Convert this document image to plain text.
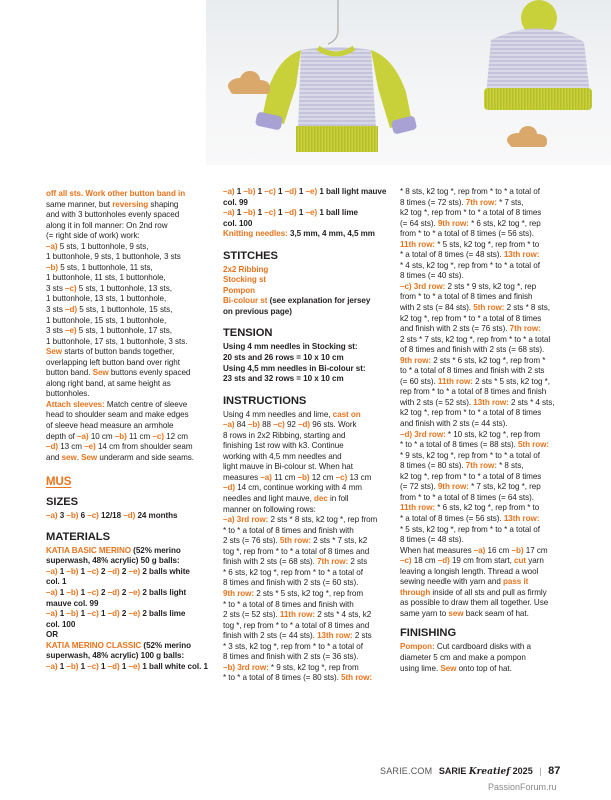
off all sts. Work other button band in

same manner, but reversing shaping

and with 3 buttonholes evenly spaced

along it in foll manner: On 2nd row

(= right side of work) work:

–a) 5 sts, 1 buttonhole, 9 sts,

1 buttonhole, 9 sts, 1 buttonhole, 3 sts

–b) 5 sts, 1 buttonhole, 11 sts,

1 buttonhole, 11 sts, 1 buttonhole,

3 sts –c) 5 sts, 1 buttonhole, 13 sts,

1 buttonhole, 13 sts, 1 buttonhole,

3 sts –d) 5 sts, 1 buttonhole, 15 sts,

1 buttonhole, 15 sts, 1 buttonhole,

3 sts –e) 5 sts, 1 buttonhole, 17 sts,

1 buttonhole, 17 sts, 1 buttonhole, 3 sts.

Sew starts of button bands together,

overlapping left button band over right

button band. Sew buttons evenly spaced

along right band, at same height as

buttonholes.

Attach sleeves: Match centre of sleeve

head to shoulder seam and make edges

of sleeve head measure an armhole

depth of –a) 10 cm –b) 11 cm –c) 12 cm

–d) 13 cm –e) 14 cm from shoulder seam

and sew. Sew underarm and side seams.

MUS
SIZES

–a) 3 –b) 6 –c) 12/18 –d) 24 months

MATERIALS

KATIA BASIC MERINO (52% merino

superwash, 48% acrylic) 50 g balls:

–a) 1 –b) 1 –c) 2 –d) 2 –e) 2 balls white

col. 1

–a) 1 –b) 1 –c) 2 –d) 2 –e) 2 balls light

mauve col. 99

–a) 1 –b) 1 –c) 1 –d) 2 –e) 2 balls lime

col. 100

OR

KATIA MERINO CLASSIC (52% merino

superwash, 48% acrylic) 100 g balls:

–a) 1 –b) 1 –c) 1 –d) 1 –e) 1 ball white col. 1

–a) 1 –b) 1 –c) 1 –d) 1 –e) 1 ball light mauve

col. 99

–a) 1 –b) 1 –c) 1 –d) 1 –e) 1 ball lime

col. 100

Knitting needles: 3,5 mm, 4 mm, 4,5 mm

STITCHES

2x2 Ribbing

Stocking st

Pompon

Bi-colour st (see explanation for jersey

on previous page)

TENSION

Using 4 mm needles in Stocking st:

20 sts and 26 rows = 10 x 10 cm

Using 4,5 mm needles in Bi-colour st:

23 sts and 32 rows = 10 x 10 cm

INSTRUCTIONS

Using 4 mm needles and lime, cast on

–a) 84 –b) 88 –c) 92 –d) 96 sts. Work

8 rows in 2x2 Ribbing, starting and

finishing 1st row with k3. Continue

working with 4,5 mm needles and

light mauve in Bi-colour st. When hat

measures –a) 11 cm –b) 12 cm –c) 13 cm

–d) 14 cm, continue working with 4 mm

needles and light mauve, dec in foll

manner on following rows:

–a) 3rd row: 2 sts * 8 sts, k2 tog *, rep from

* to * a total of 8 times and finish with

2 sts (= 76 sts). 5th row: 2 sts * 7 sts, k2

tog *, rep from * to * a total of 8 times and

finish with 2 sts (= 68 sts). 7th row: 2 sts

* 6 sts, k2 tog *, rep from * to * a total of

8 times and finish with 2 sts (= 60 sts).

9th row: 2 sts * 5 sts, k2 tog *, rep from

* to * a total of 8 times and finish with

2 sts (= 52 sts). 11th row: 2 sts * 4 sts, k2

tog *, rep from * to * a total of 8 times and

finish with 2 sts (= 44 sts). 13th row: 2 sts

* 3 sts, k2 tog *, rep from * to * a total of

8 times and finish with 2 sts (= 36 sts).

–b) 3rd row: * 9 sts, k2 tog *, rep from

* to * a total of 8 times (= 80 sts). 5th row:

* 8 sts, k2 tog *, rep from * to * a total of

8 times (= 72 sts). 7th row: * 7 sts,

k2 tog *, rep from * to * a total of 8 times

(= 64 sts). 9th row: * 6 sts, k2 tog *, rep

from * to * a total of 8 times (= 56 sts).

11th row: * 5 sts, k2 tog *, rep from * to

* a total of 8 times (= 48 sts). 13th row:

* 4 sts, k2 tog *, rep from * to * a total of

8 times (= 40 sts).

–c) 3rd row: 2 sts * 9 sts, k2 tog *, rep

from * to * a total of 8 times and finish

with 2 sts (= 84 sts). 5th row: 2 sts * 8 sts,

k2 tog *, rep from * to * a total of 8 times

and finish with 2 sts (= 76 sts). 7th row:

2 sts * 7 sts, k2 tog *, rep from * to * a total

of 8 times and finish with 2 sts (= 68 sts).

9th row: 2 sts * 6 sts, k2 tog *, rep from *

to * a total of 8 times and finish with 2 sts

(= 60 sts). 11th row: 2 sts * 5 sts, k2 tog *,

rep from * to * a total of 8 times and finish

with 2 sts (= 52 sts). 13th row: 2 sts * 4 sts,

k2 tog *, rep from * to * a total of 8 times

and finish with 2 sts (= 44 sts).

–d) 3rd row: * 10 sts, k2 tog *, rep from

* to * a total of 8 times (= 88 sts). 5th row:

* 9 sts, k2 tog *, rep from * to * a total of

8 times (= 80 sts). 7th row: * 8 sts,

k2 tog *, rep from * to * a total of 8 times

(= 72 sts). 9th row: * 7 sts, k2 tog *, rep

from * to * a total of 8 times (= 64 sts).

11th row: * 6 sts, k2 tog *, rep from * to

* a total of 8 times (= 56 sts). 13th row:

* 5 sts, k2 tog *, rep from * to * a total of

8 times (= 48 sts).

When hat measures –a) 16 cm –b) 17 cm

–c) 18 cm –d) 19 cm from start, cut yarn

leaving a longish length. Thread a wool

sewing needle with yarn and pass it

through inside of all sts and pull as firmly

as possible to draw them all together. Use

same yarn to sew back seam of hat.

FINISHING

Pompon: Cut cardboard disks with a

diameter 5 cm and make a pompon

using lime. Sew onto top of hat.

SARIE.COM SARIE Kreatief 2025 | 87
PassionForum.ru
